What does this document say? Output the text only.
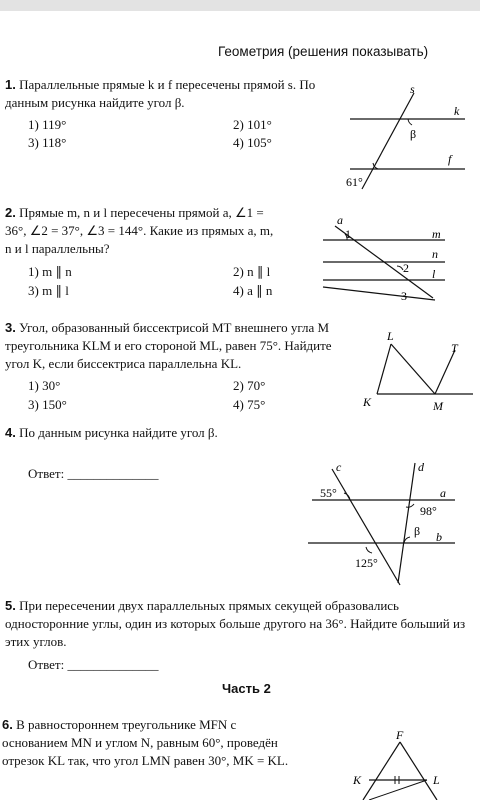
Геометрия (решения показывать)
1. Параллельные прямые k и f пересечены прямой s. По данным рисунка найдите угол β.
1) 119°	2) 101°
3) 118°	4) 105°
s
k
f
β
61°
2. Прямые m, n и l пересечены прямой a, ∠1 = 36°, ∠2 = 37°, ∠3 = 144°. Какие из прямых a, m, n и l параллельны?
1) m ∥ n	2) n ∥ l
3) m ∥ l	4) a ∥ n
a
m
n
l
1
2
3
3. Угол, образованный биссектрисой MT внешнего угла M треугольника KLM и его стороной ML, равен 75°. Найдите угол K, если биссектриса параллельна KL.
1) 30°	2) 70°
3) 150°	4) 75°
L
T
K	M
4. По данным рисунка найдите угол β.
Ответ: ______________	c	d
a
b
55°
98°
β
125°
5. При пересечении двух параллельных прямых секущей образовались односторонние углы, один из которых больше другого на 36°. Найдите больший из этих углов.
Ответ: ______________
Часть 2
6. В равностороннем треугольнике MFN с основанием MN и углом N, равным 60°, проведён отрезок KL так, что угол LMN равен 30°, MK = KL.
F
K	L
